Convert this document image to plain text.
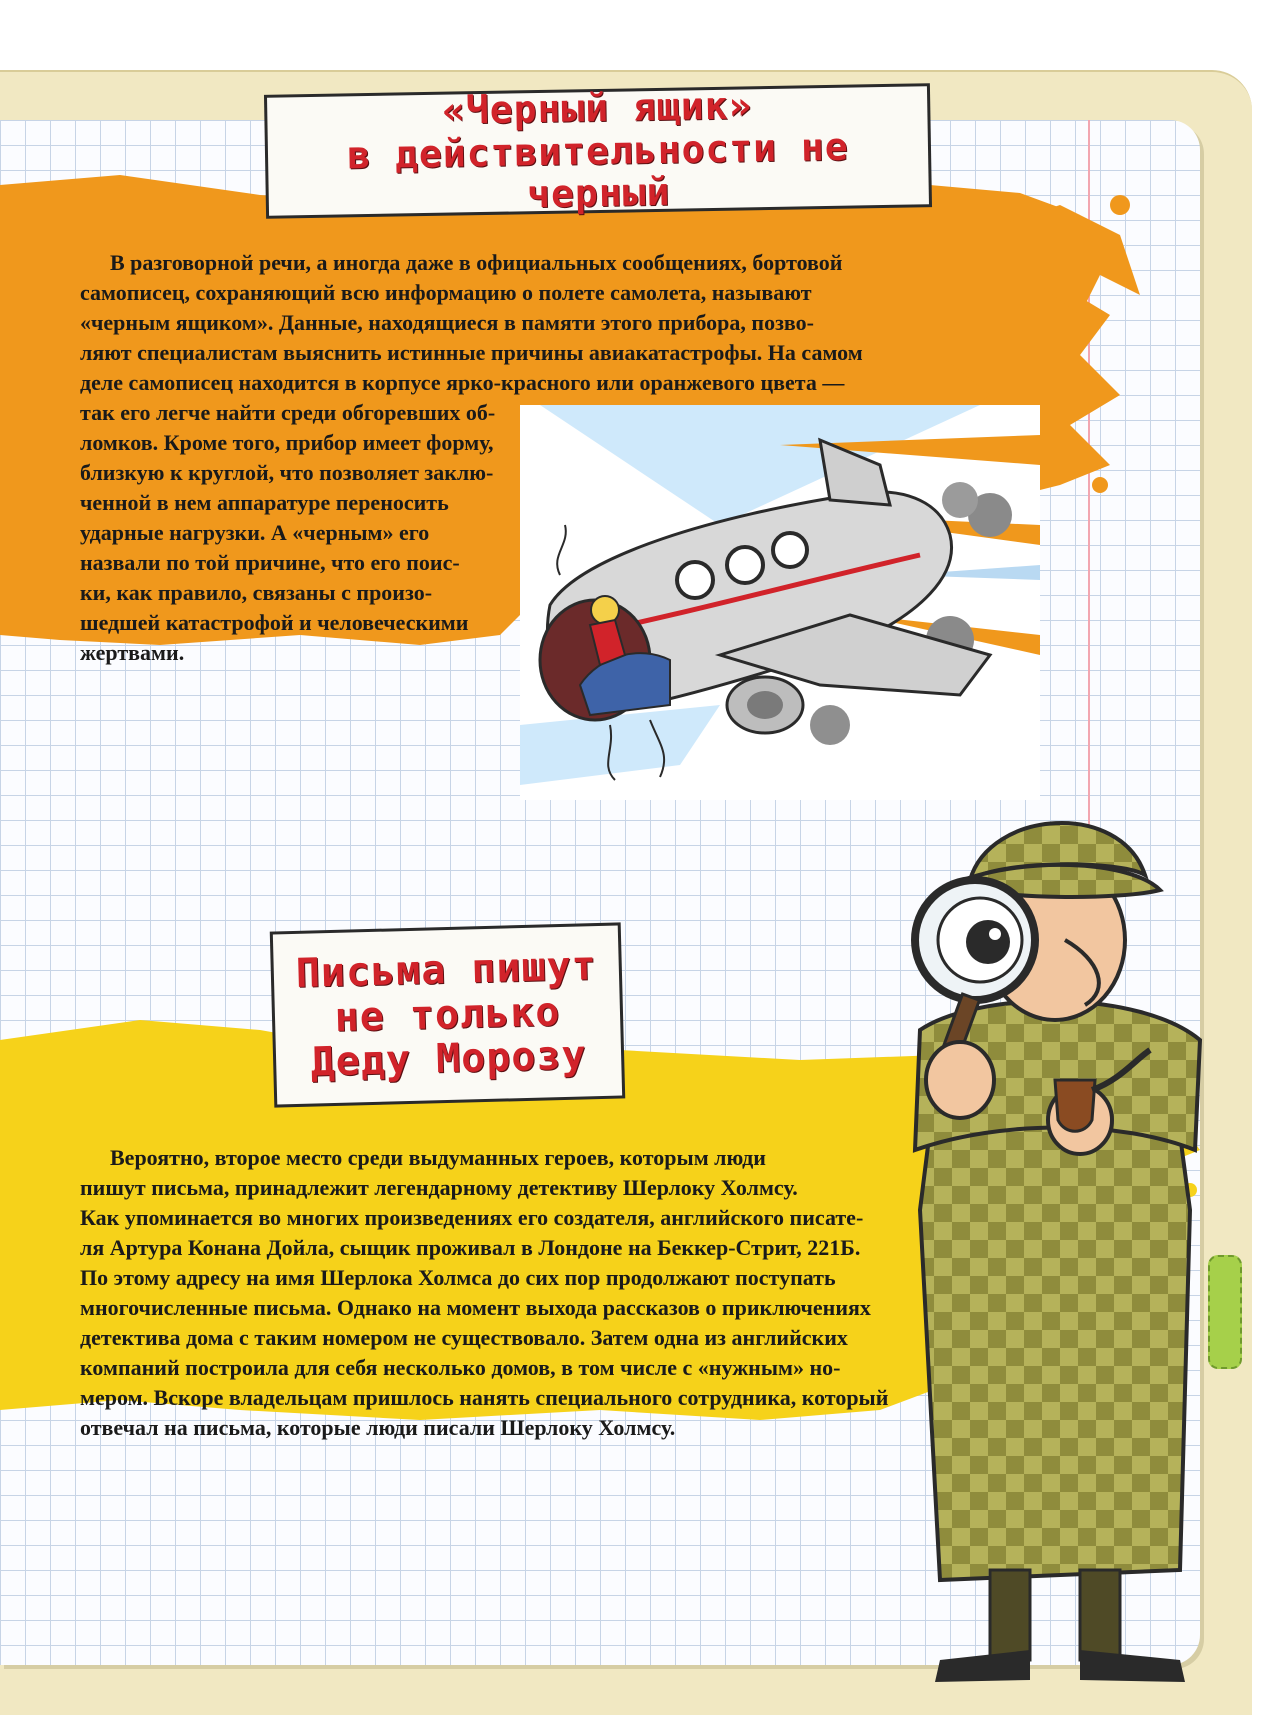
«Черный ящик»
в действительности не черный
В разговорной речи, а иногда даже в официальных сообщениях, бортовой
самописец, сохраняющий всю информацию о полете самолета, называют
«черным ящиком». Данные, находящиеся в памяти этого прибора, позво-
ляют специалистам выяснить истинные причины авиакатастрофы. На самом
деле самописец находится в корпусе ярко-красного или оранжевого цвета —
так его легче найти среди обгоревших об-
ломков. Кроме того, прибор имеет форму,
близкую к круглой, что позволяет заклю-
ченной в нем аппаратуре переносить
ударные нагрузки. А «черным» его
назвали по той причине, что его поис-
ки, как правило, связаны с произо-
шедшей катастрофой и человеческими
жертвами.
Письма пишут
не только
Деду Морозу
Вероятно, второе место среди выдуманных героев, которым люди
пишут письма, принадлежит легендарному детективу Шерлоку Холмсу.
Как упоминается во многих произведениях его создателя, английского писате-
ля Артура Конана Дойла, сыщик проживал в Лондоне на Беккер-Стрит, 221Б.
По этому адресу на имя Шерлока Холмса до сих пор продолжают поступать
многочисленные письма. Однако на момент выхода рассказов о приключениях
детектива дома с таким номером не существовало. Затем одна из английских
компаний построила для себя несколько домов, в том числе с «нужным» но-
мером. Вскоре владельцам пришлось нанять специального сотрудника, который
отвечал на письма, которые люди писали Шерлоку Холмсу.
